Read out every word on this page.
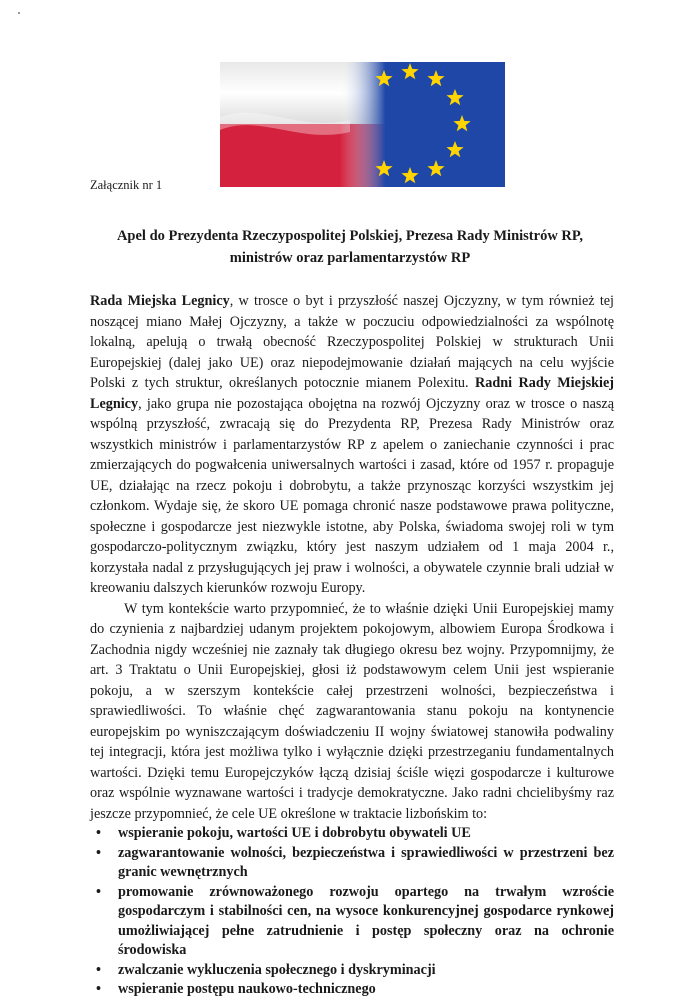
Załącznik nr 1
Apel do Prezydenta Rzeczypospolitej Polskiej, Prezesa Rady Ministrów RP,
ministrów oraz parlamentarzystów RP

Rada Miejska Legnicy, w trosce o byt i przyszłość naszej Ojczyzny, w tym również tej noszącej miano Małej Ojczyzny, a także w poczuciu odpowiedzialności za wspólnotę lokalną, apelują o trwałą obecność Rzeczypospolitej Polskiej w strukturach Unii Europejskiej (dalej jako UE) oraz niepodejmowanie działań mających na celu wyjście Polski z tych struktur, określanych potocznie mianem Polexitu. Radni Rady Miejskiej Legnicy, jako grupa nie pozostająca obojętna na rozwój Ojczyzny oraz w trosce o naszą wspólną przyszłość, zwracają się do Prezydenta RP, Prezesa Rady Ministrów oraz wszystkich ministrów i parlamentarzystów RP z apelem o zaniechanie czynności i prac zmierzających do pogwałcenia uniwersalnych wartości i zasad, które od 1957 r. propaguje UE, działając na rzecz pokoju i dobrobytu, a także przynosząc korzyści wszystkim jej członkom. Wydaje się, że skoro UE pomaga chronić nasze podstawowe prawa polityczne, społeczne i gospodarcze jest niezwykle istotne, aby Polska, świadoma swojej roli w tym gospodarczo-politycznym związku, który jest naszym udziałem od 1 maja 2004 r., korzystała nadal z przysługujących jej praw i wolności, a obywatele czynnie brali udział w kreowaniu dalszych kierunków rozwoju Europy.

W tym kontekście warto przypomnieć, że to właśnie dzięki Unii Europejskiej mamy do czynienia z najbardziej udanym projektem pokojowym, albowiem Europa Środkowa i Zachodnia nigdy wcześniej nie zaznały tak długiego okresu bez wojny. Przypomnijmy, że art. 3 Traktatu o Unii Europejskiej, głosi iż podstawowym celem Unii jest wspieranie pokoju, a w szerszym kontekście całej przestrzeni wolności, bezpieczeństwa i sprawiedliwości. To właśnie chęć zagwarantowania stanu pokoju na kontynencie europejskim po wyniszczającym doświadczeniu II wojny światowej stanowiła podwaliny tej integracji, która jest możliwa tylko i wyłącznie dzięki przestrzeganiu fundamentalnych wartości. Dzięki temu Europejczyków łączą dzisiaj ściśle więzi gospodarcze i kulturowe oraz wspólnie wyznawane wartości i tradycje demokratyczne. Jako radni chcielibyśmy raz jeszcze przypomnieć, że cele UE określone w traktacie lizbońskim to:

• wspieranie pokoju, wartości UE i dobrobytu obywateli UE
• zagwarantowanie wolności, bezpieczeństwa i sprawiedliwości w przestrzeni bez granic wewnętrznych
• promowanie zrównoważonego rozwoju opartego na trwałym wzroście gospodarczym i stabilności cen, na wysoce konkurencyjnej gospodarce rynkowej umożliwiającej pełne zatrudnienie i postęp społeczny oraz na ochronie środowiska
• zwalczanie wykluczenia społecznego i dyskryminacji
• wspieranie postępu naukowo-technicznego
